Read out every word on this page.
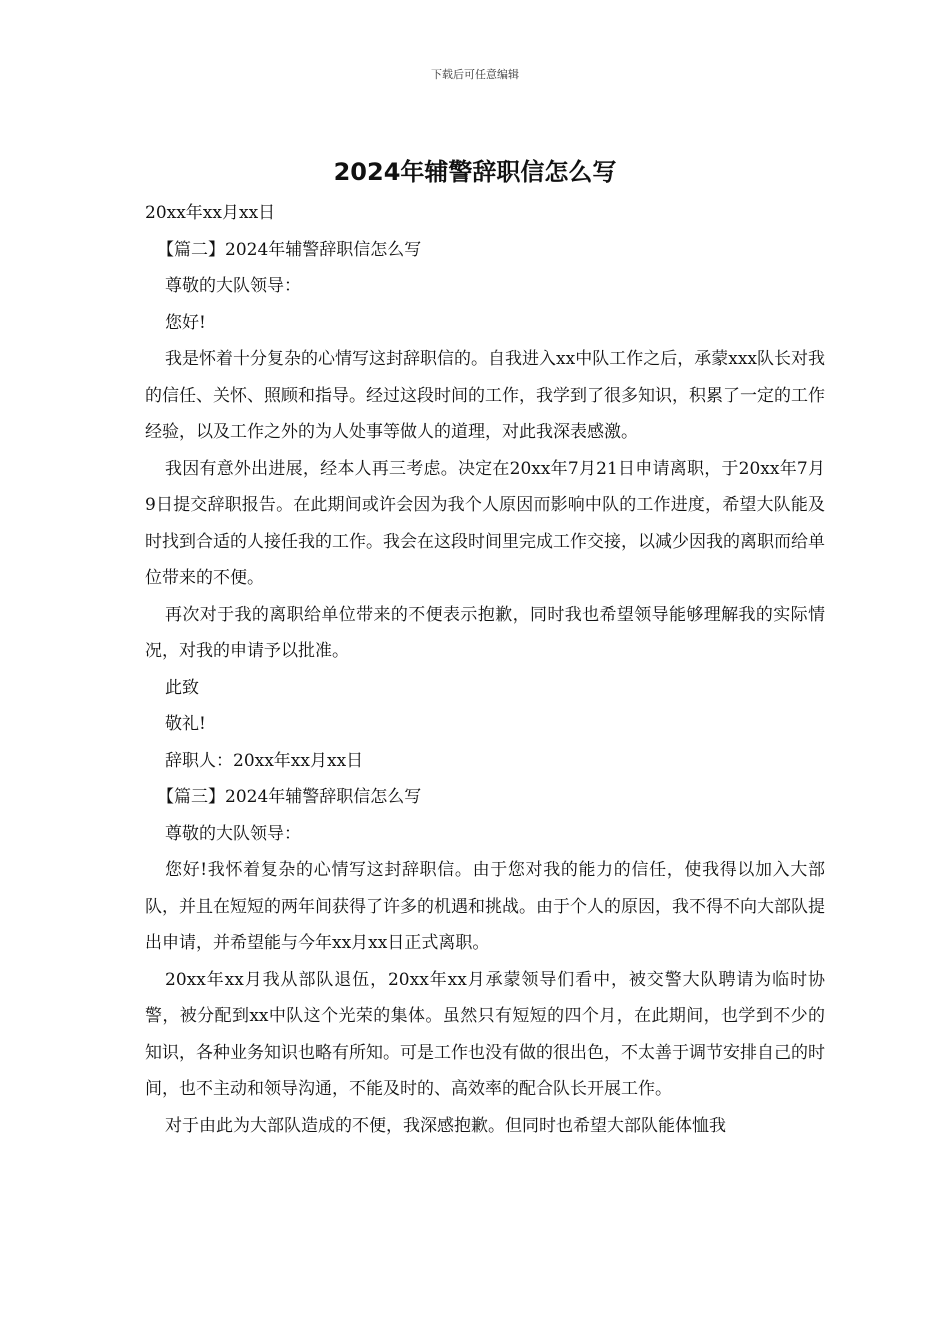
下载后可任意编辑
2024年辅警辞职信怎么写

20xx年xx月xx日

【篇二】2024年辅警辞职信怎么写

尊敬的大队领导：

您好!

我是怀着十分复杂的心情写这封辞职信的。自我进入xx中队工作之后，承蒙xxx队长对我的信任、关怀、照顾和指导。经过这段时间的工作，我学到了很多知识，积累了一定的工作经验，以及工作之外的为人处事等做人的道理，对此我深表感激。

我因有意外出进展，经本人再三考虑。决定在20xx年7月21日申请离职，于20xx年7月9日提交辞职报告。在此期间或许会因为我个人原因而影响中队的工作进度，希望大队能及时找到合适的人接任我的工作。我会在这段时间里完成工作交接，以减少因我的离职而给单位带来的不便。

再次对于我的离职给单位带来的不便表示抱歉，同时我也希望领导能够理解我的实际情况，对我的申请予以批准。

此致

敬礼!

辞职人：20xx年xx月xx日

【篇三】2024年辅警辞职信怎么写

尊敬的大队领导：

您好!我怀着复杂的心情写这封辞职信。由于您对我的能力的信任，使我得以加入大部队，并且在短短的两年间获得了许多的机遇和挑战。由于个人的原因，我不得不向大部队提出申请，并希望能与今年xx月xx日正式离职。

20xx年xx月我从部队退伍，20xx年xx月承蒙领导们看中，被交警大队聘请为临时协警，被分配到xx中队这个光荣的集体。虽然只有短短的四个月，在此期间，也学到不少的知识，各种业务知识也略有所知。可是工作也没有做的很出色，不太善于调节安排自己的时间，也不主动和领导沟通，不能及时的、高效率的配合队长开展工作。

对于由此为大部队造成的不便，我深感抱歉。但同时也希望大部队能体恤我
